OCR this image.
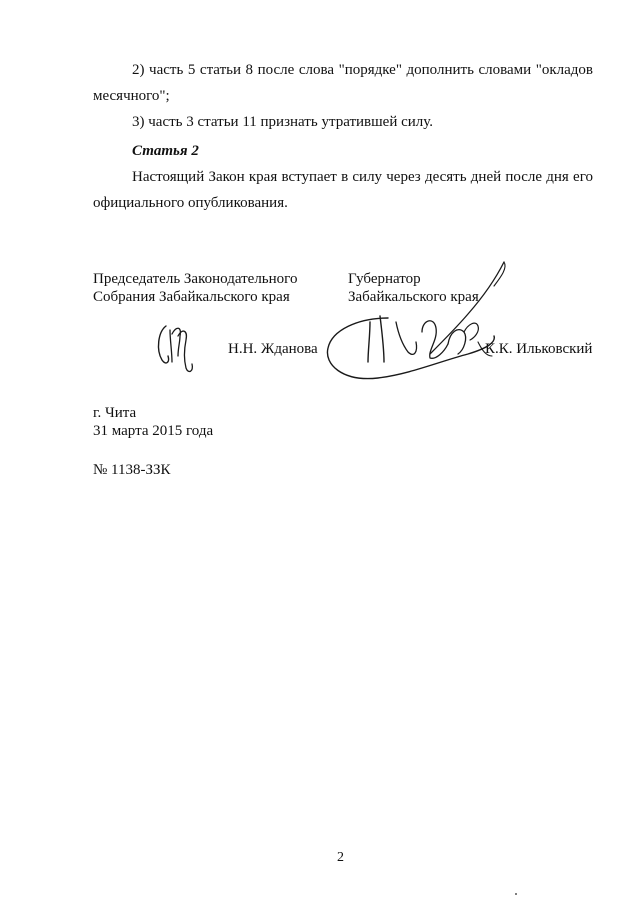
2) часть 5 статьи 8 после слова "порядке" дополнить словами "окладов
месячного";
3) часть 3 статьи 11 признать утратившей силу.
Статья 2
Настоящий Закон края вступает в силу через десять дней после дня его
официального опубликования.
Председатель Законодательного
Собрания Забайкальского края
Н.Н. Жданова
Губернатор
Забайкальского края
К.К. Ильковский
г. Чита
31 марта 2015 года
№ 1138-ЗЗК
2
